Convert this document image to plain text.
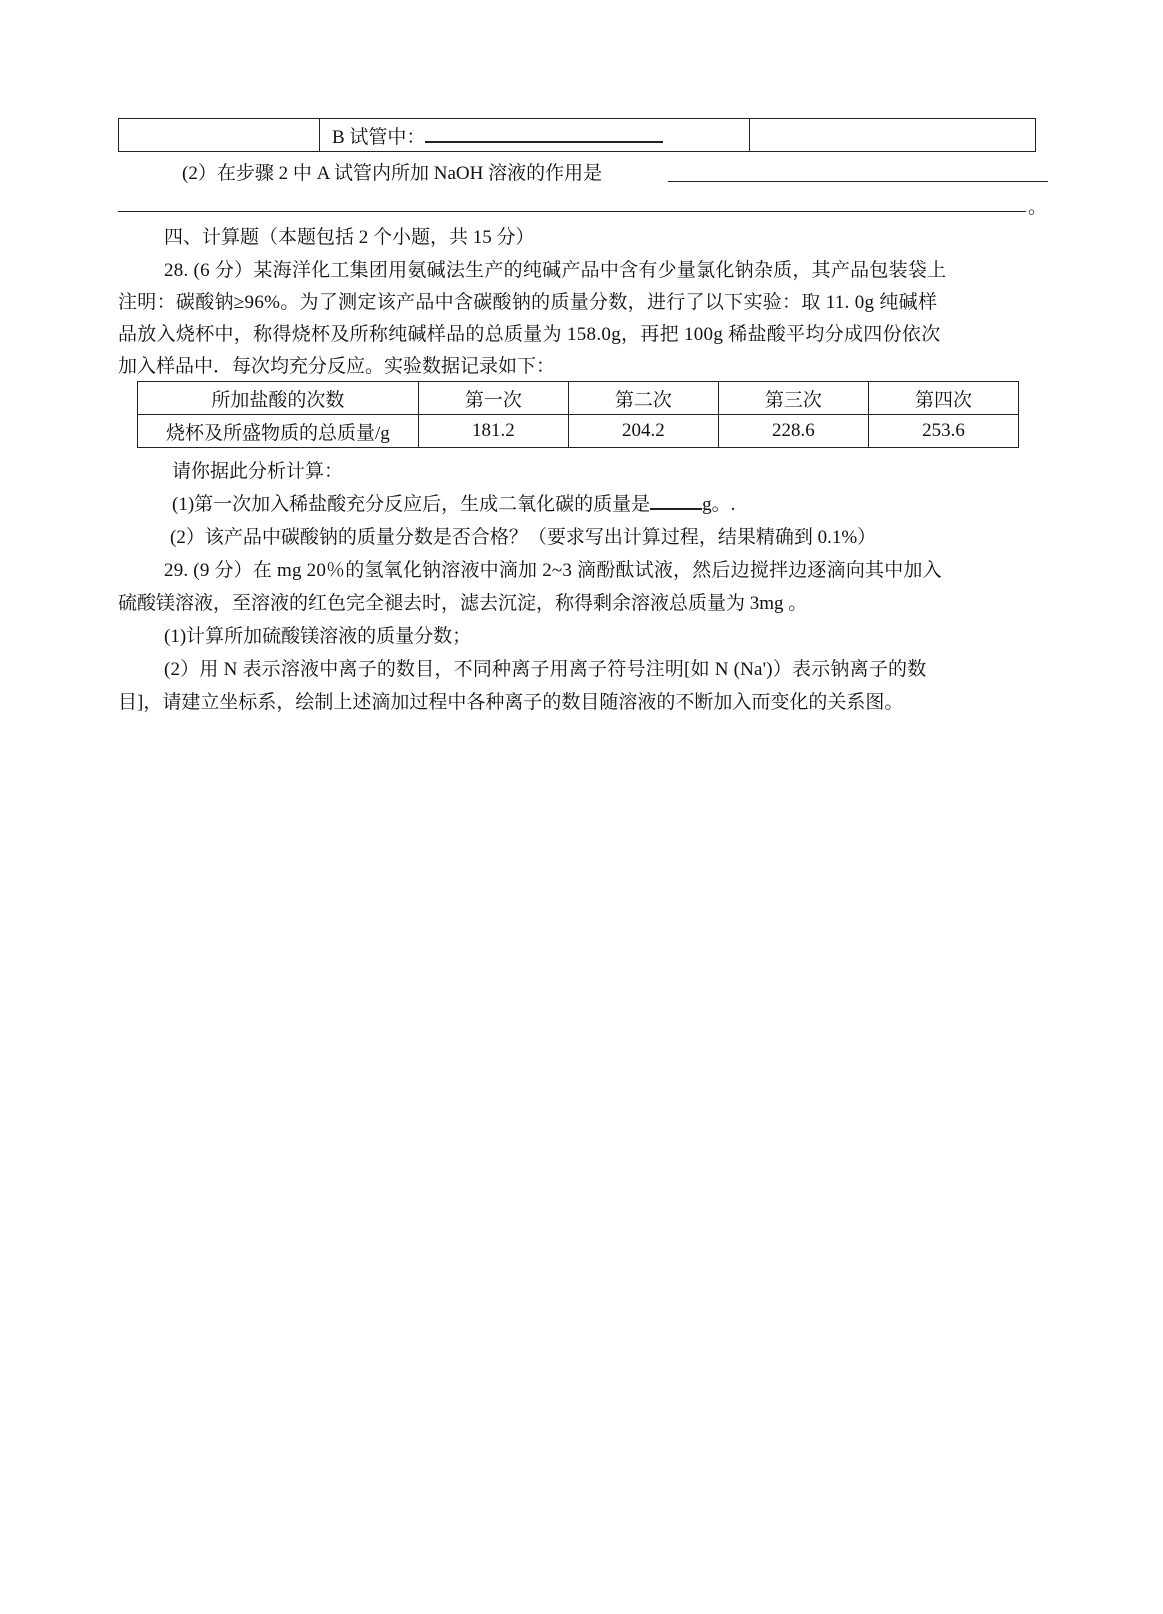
	B 试管中：	
(2）在步骤 2 中 A 试管内所加 NaOH 溶液的作用是
。
四、计算题（本题包括 2 个小题，共 15 分）
28. (6 分）某海洋化工集团用氨碱法生产的纯碱产品中含有少量氯化钠杂质，其产品包装袋上
注明：碳酸钠≥96%。为了测定该产品中含碳酸钠的质量分数，进行了以下实验：取 11. 0g 纯碱样
品放入烧杯中，称得烧杯及所称纯碱样品的总质量为 158.0g，再把 100g 稀盐酸平均分成四份依次
加入样品中．每次均充分反应。实验数据记录如下：
所加盐酸的次数	第一次	第二次	第三次	第四次
烧杯及所盛物质的总质量/g	181.2	204.2	228.6	253.6
请你据此分析计算：
(1)第一次加入稀盐酸充分反应后，生成二氧化碳的质量是	g。.
(2）该产品中碳酸钠的质量分数是否合格？（要求写出计算过程，结果精确到 0.1%）
29. (9 分）在 mg 20％的氢氧化钠溶液中滴加 2~3 滴酚酞试液，然后边搅拌边逐滴向其中加入
硫酸镁溶液，至溶液的红色完全褪去时，滤去沉淀，称得剩余溶液总质量为 3mg 。
(1)计算所加硫酸镁溶液的质量分数；
(2）用 N 表示溶液中离子的数目，不同种离子用离子符号注明[如 N (Na')）表示钠离子的数
目]，请建立坐标系，绘制上述滴加过程中各种离子的数目随溶液的不断加入而变化的关系图。
